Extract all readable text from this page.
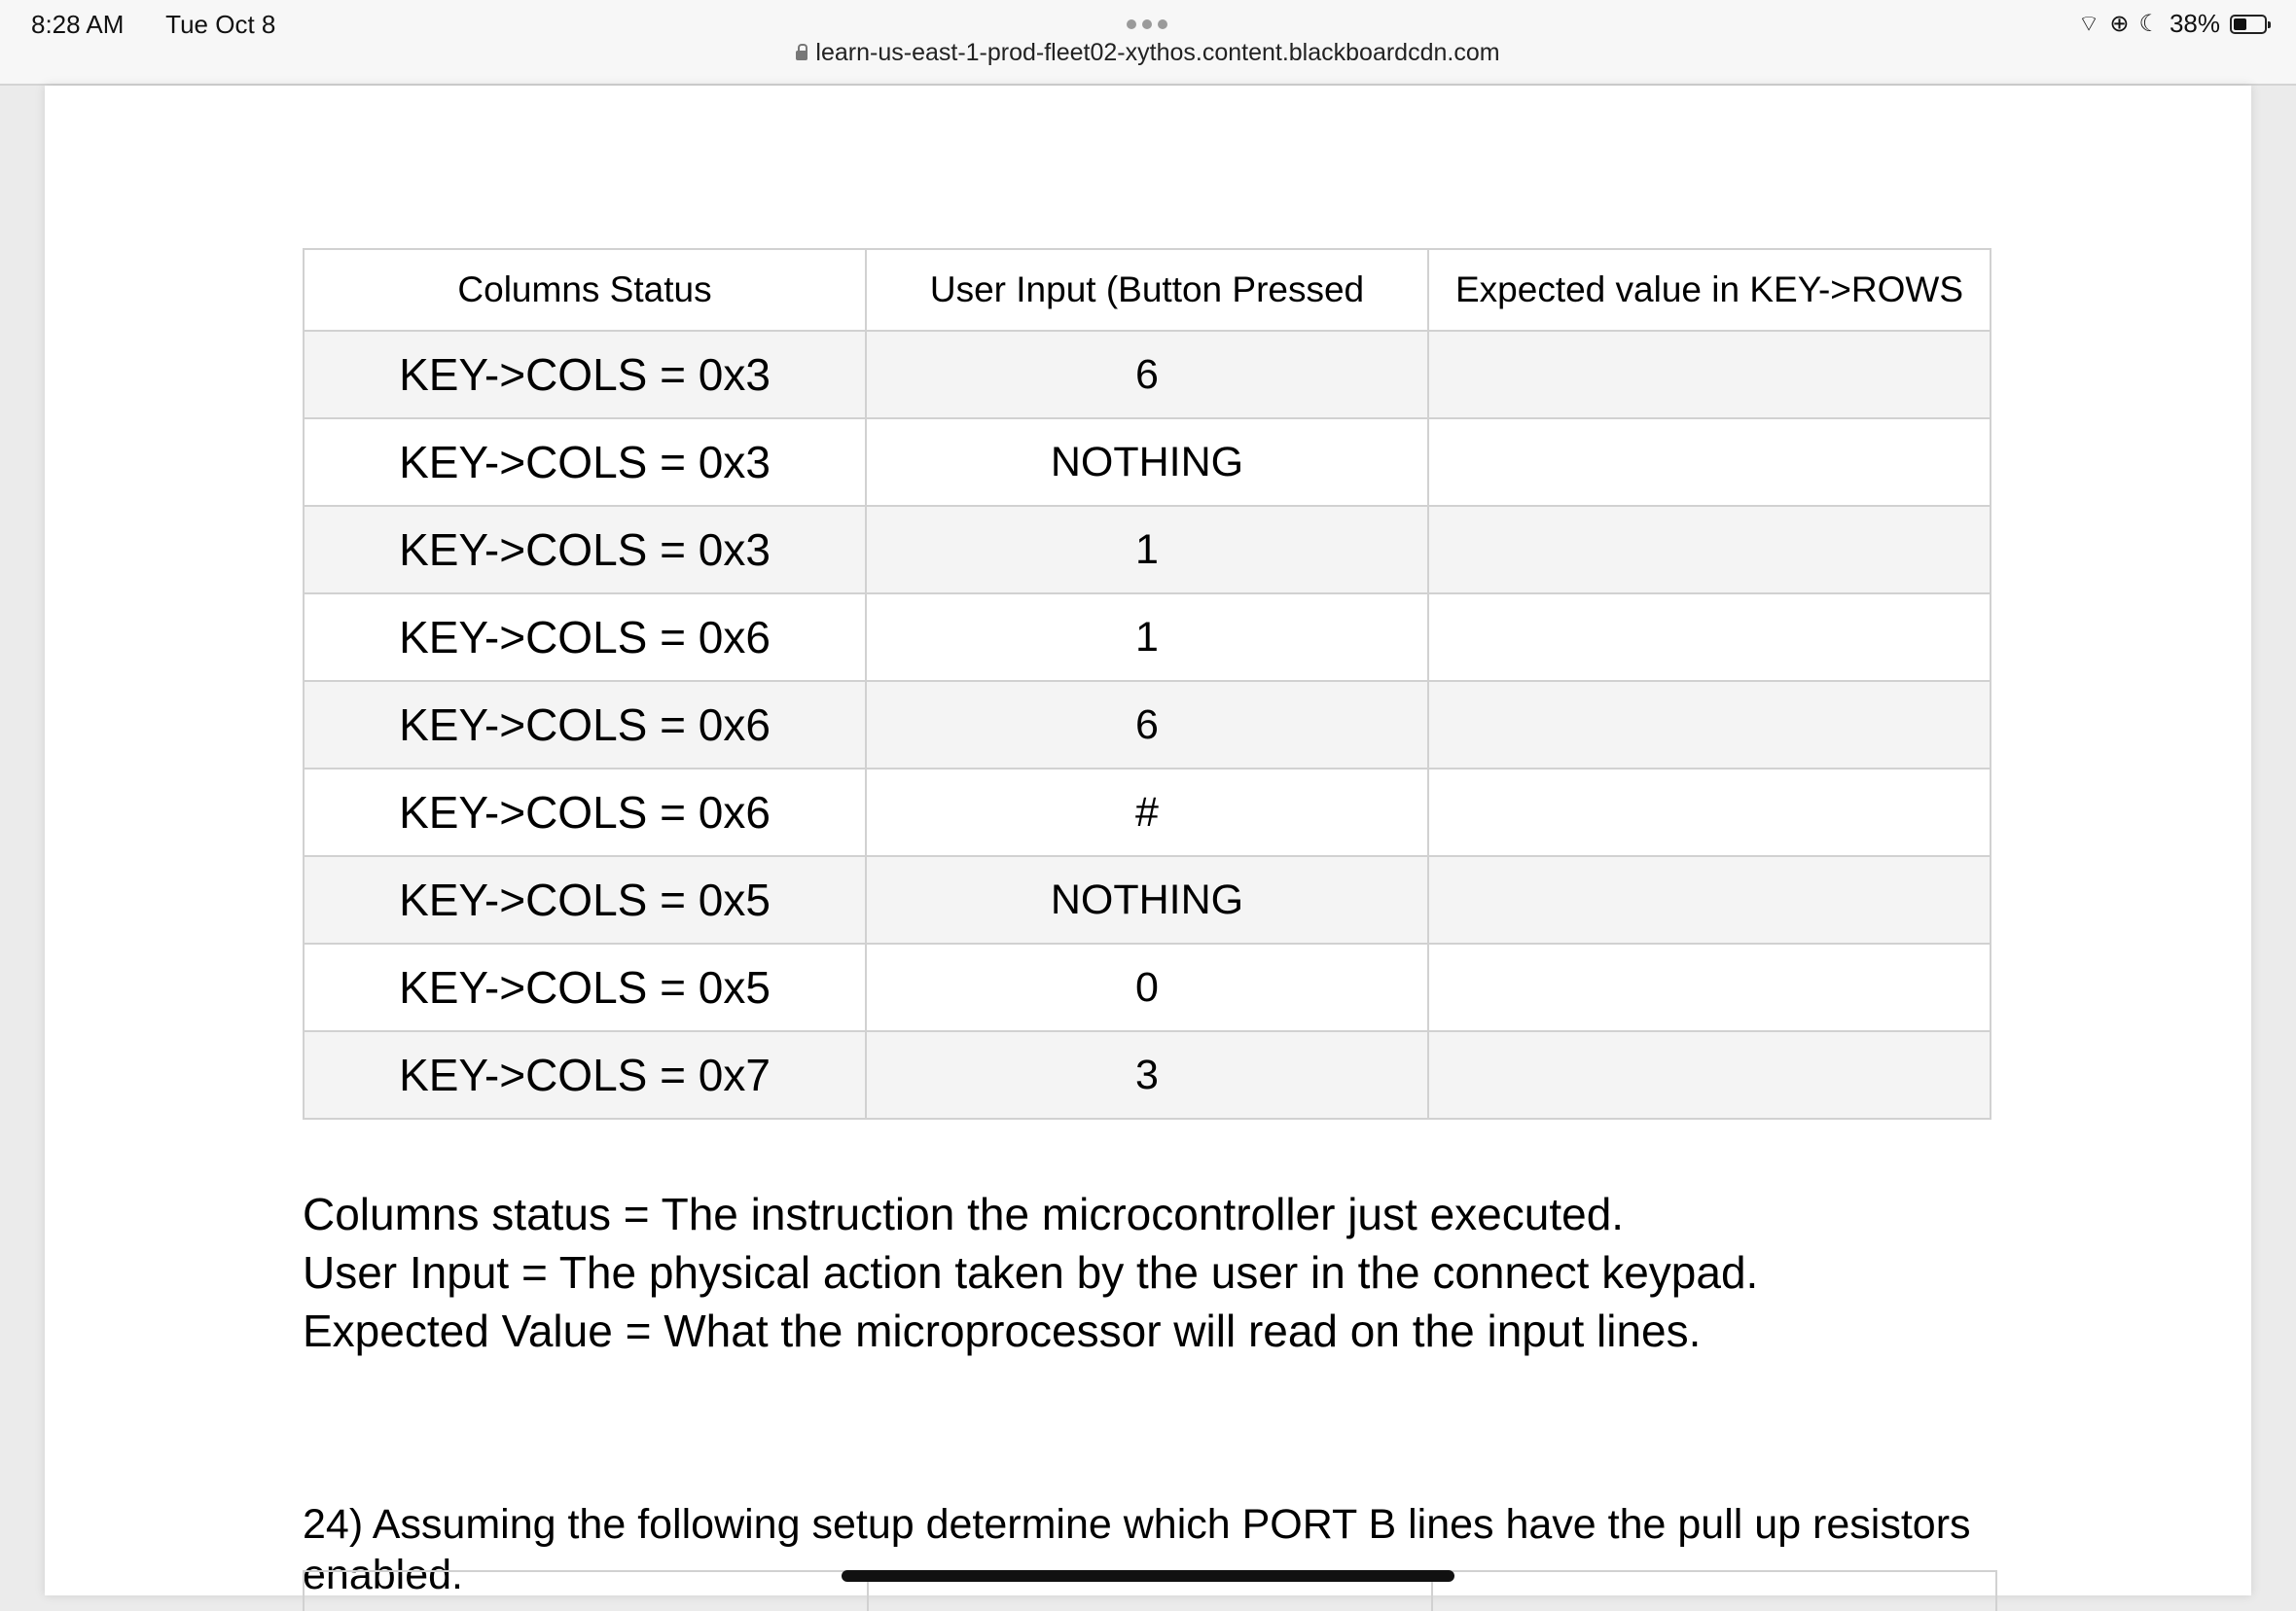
8:28 AM Tue Oct 8
learn-us-east-1-prod-fleet02-xythos.content.blackboardcdn.com
⌔ ⊕ ☾ 38%
Columns Status	User Input (Button Pressed	Expected value in KEY->ROWS
KEY->COLS = 0x3	6	
KEY->COLS = 0x3	NOTHING	
KEY->COLS = 0x3	1	
KEY->COLS = 0x6	1	
KEY->COLS = 0x6	6	
KEY->COLS = 0x6	#	
KEY->COLS = 0x5	NOTHING	
KEY->COLS = 0x5	0	
KEY->COLS = 0x7	3	
Columns status = The instruction the microcontroller just executed.
User Input = The physical action taken by the user in the connect keypad.
Expected Value = What the microprocessor will read on the input lines.
24) Assuming the following setup determine which PORT B lines have the pull up resistors enabled.
